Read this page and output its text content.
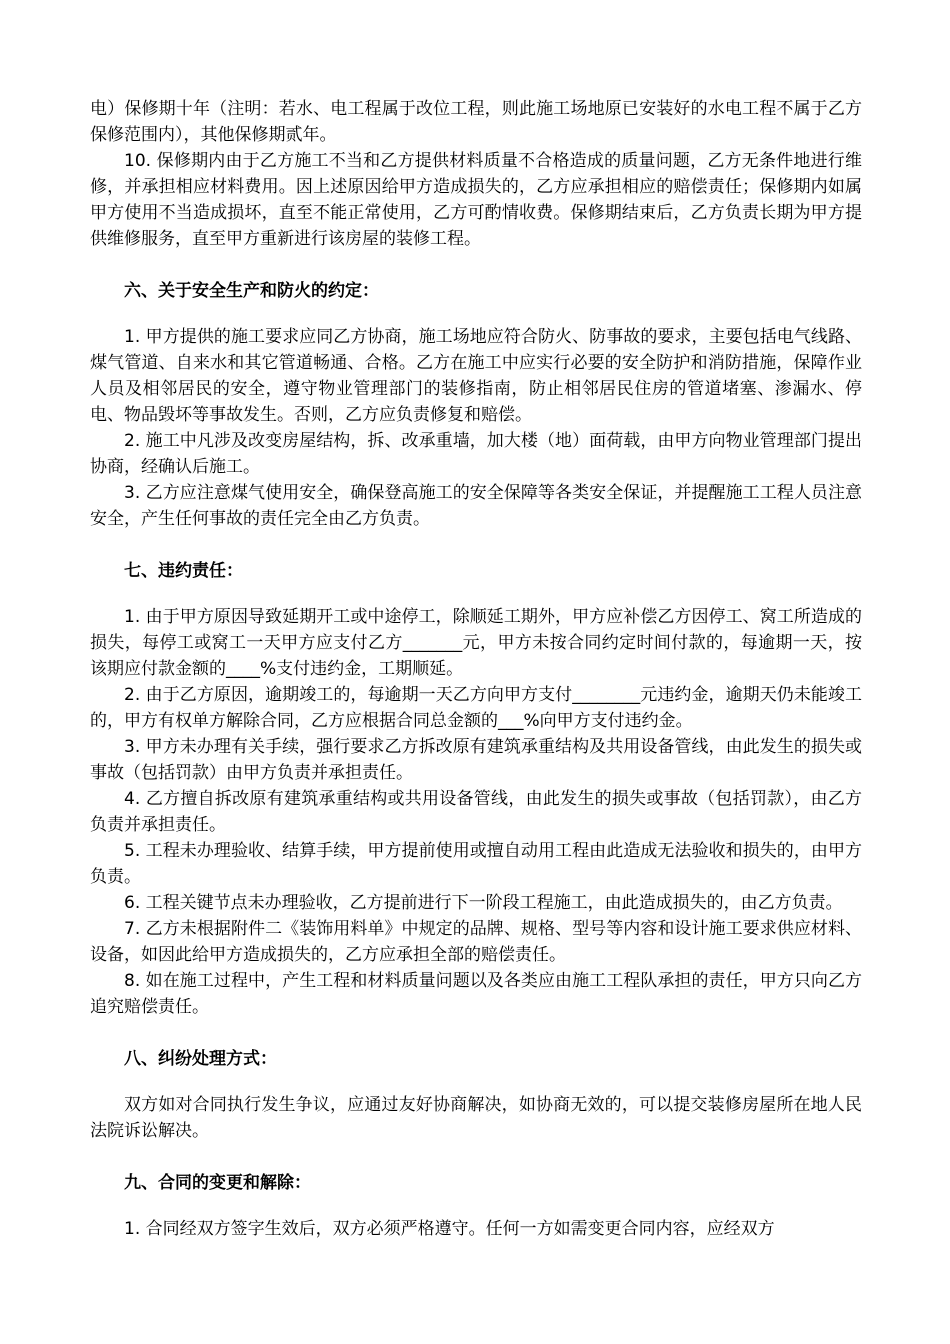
电）保修期十年（注明：若水、电工程属于改位工程，则此施工场地原已安装好的水电工程不属于乙方保修范围内），其他保修期贰年。

10. 保修期内由于乙方施工不当和乙方提供材料质量不合格造成的质量问题，乙方无条件地进行维修，并承担相应材料费用。因上述原因给甲方造成损失的，乙方应承担相应的赔偿责任；保修期内如属甲方使用不当造成损坏，直至不能正常使用，乙方可酌情收费。保修期结束后，乙方负责长期为甲方提供维修服务，直至甲方重新进行该房屋的装修工程。

六、关于安全生产和防火的约定：

1. 甲方提供的施工要求应同乙方协商，施工场地应符合防火、防事故的要求，主要包括电气线路、煤气管道、自来水和其它管道畅通、合格。乙方在施工中应实行必要的安全防护和消防措施，保障作业人员及相邻居民的安全，遵守物业管理部门的装修指南，防止相邻居民住房的管道堵塞、渗漏水、停电、物品毁坏等事故发生。否则，乙方应负责修复和赔偿。

2. 施工中凡涉及改变房屋结构，拆、改承重墙，加大楼（地）面荷载，由甲方向物业管理部门提出协商，经确认后施工。

3. 乙方应注意煤气使用安全，确保登高施工的安全保障等各类安全保证，并提醒施工工程人员注意安全，产生任何事故的责任完全由乙方负责。

七、违约责任：

1. 由于甲方原因导致延期开工或中途停工，除顺延工期外，甲方应补偿乙方因停工、窝工所造成的损失，每停工或窝工一天甲方应支付乙方_______元，甲方未按合同约定时间付款的，每逾期一天，按该期应付款金额的____%支付违约金，工期顺延。

2. 由于乙方原因，逾期竣工的，每逾期一天乙方向甲方支付________元违约金，逾期天仍未能竣工的，甲方有权单方解除合同，乙方应根据合同总金额的___%向甲方支付违约金。

3. 甲方未办理有关手续，强行要求乙方拆改原有建筑承重结构及共用设备管线，由此发生的损失或事故（包括罚款）由甲方负责并承担责任。

4. 乙方擅自拆改原有建筑承重结构或共用设备管线，由此发生的损失或事故（包括罚款），由乙方负责并承担责任。

5. 工程未办理验收、结算手续，甲方提前使用或擅自动用工程由此造成无法验收和损失的，由甲方负责。

6. 工程关键节点未办理验收，乙方提前进行下一阶段工程施工，由此造成损失的，由乙方负责。

7. 乙方未根据附件二《装饰用料单》中规定的品牌、规格、型号等内容和设计施工要求供应材料、设备，如因此给甲方造成损失的，乙方应承担全部的赔偿责任。

8. 如在施工过程中，产生工程和材料质量问题以及各类应由施工工程队承担的责任，甲方只向乙方追究赔偿责任。

八、纠纷处理方式：

双方如对合同执行发生争议，应通过友好协商解决，如协商无效的，可以提交装修房屋所在地人民法院诉讼解决。

九、合同的变更和解除：

1. 合同经双方签字生效后，双方必须严格遵守。任何一方如需变更合同内容，应经双方
